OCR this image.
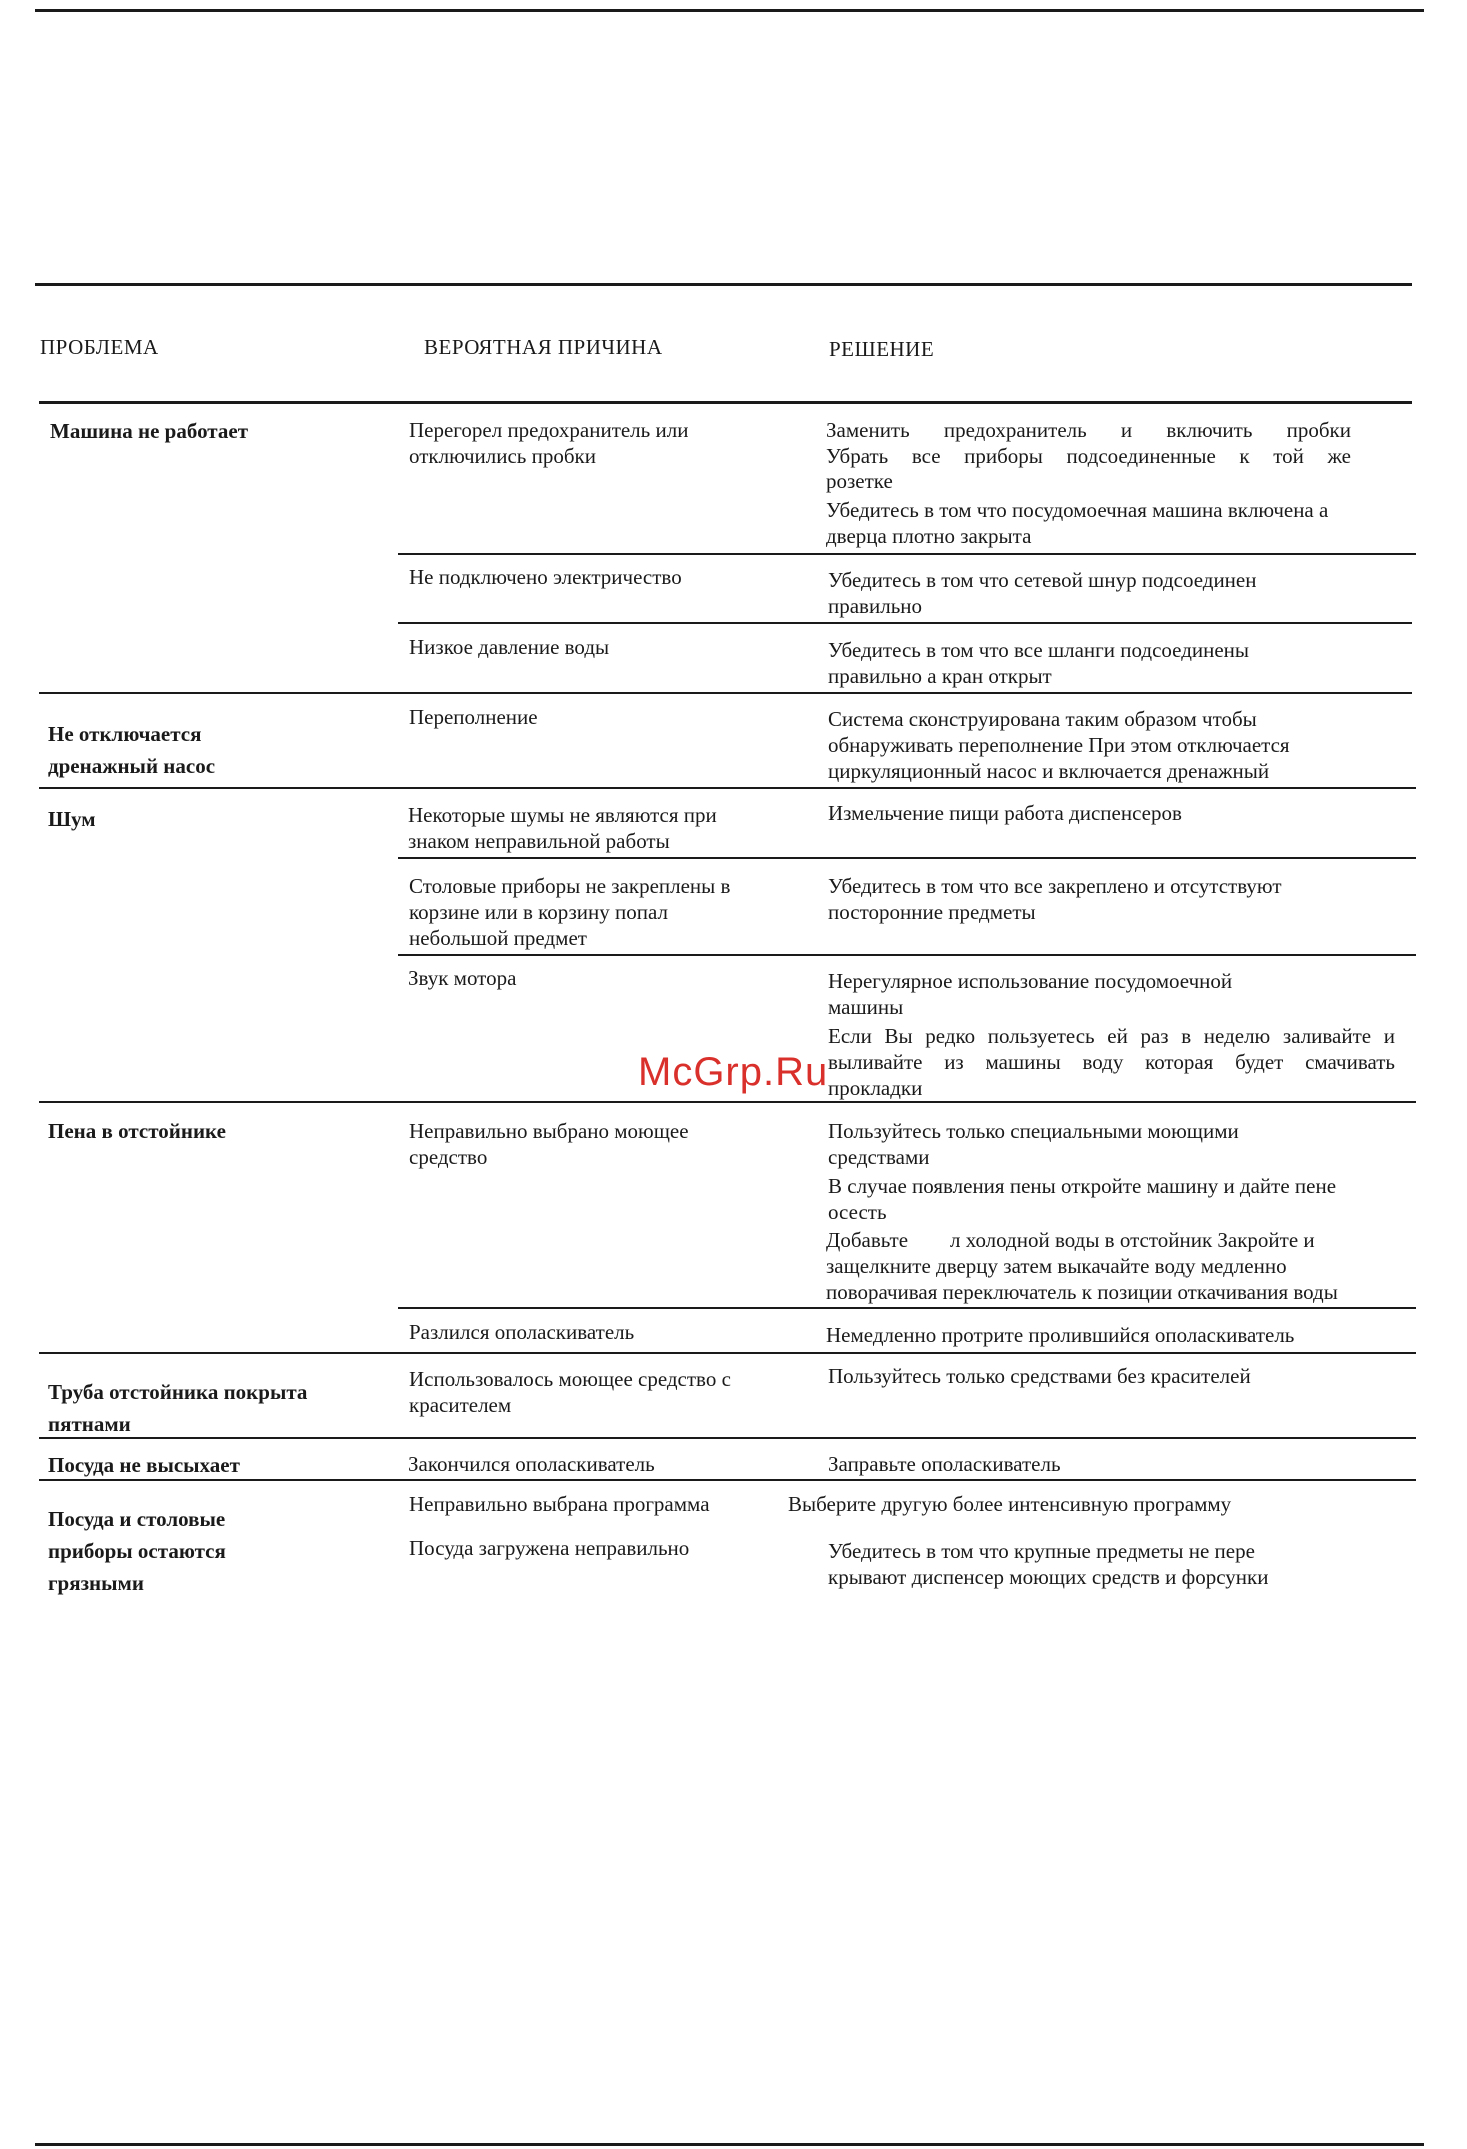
ПРОБЛЕМА	ВЕРОЯТНАЯ ПРИЧИНА	РЕШЕНИЕ
Машина не работает
Не отключается
дренажный насос
Шум
Пена в отстойнике
Труба отстойника покрыта
пятнами
Посуда не высыхает
Посуда и столовые
приборы остаются
грязными
Перегорел предохранитель или
отключились пробки
Не подключено электричество
Низкое давление воды
Переполнение
Некоторые шумы не являются при
знаком неправильной работы
Столовые приборы не закреплены в
корзине или в корзину попал
небольшой предмет
Звук мотора
Неправильно выбрано моющее
средство
Разлился ополаскиватель
Использовалось моющее средство с
красителем
Закончился ополаскиватель
Неправильно выбрана программа
Посуда загружена неправильно
Заменить предохранитель и включить пробки
Убрать все приборы подсоединенные к той же
розетке
Убедитесь в том что посудомоечная машина включена а
дверца плотно закрыта
Убедитесь в том что сетевой шнур подсоединен
правильно
Убедитесь в том что все шланги подсоединены
правильно а кран открыт
Система сконструирована таким образом чтобы
обнаруживать переполнение При этом отключается
циркуляционный насос и включается дренажный
Измельчение пищи работа диспенсеров
Убедитесь в том что все закреплено и отсутствуют
посторонние предметы
Нерегулярное использование посудомоечной
машины
Если Вы редко пользуетесь ей раз в неделю заливайте и
выливайте из машины воду которая будет смачивать
прокладки
Пользуйтесь только специальными моющими
средствами
В случае появления пены откройте машину и дайте пене
осесть
Добавьте л холодной воды в отстойник Закройте и
защелкните дверцу затем выкачайте воду медленно
поворачивая переключатель к позиции откачивания воды
Немедленно протрите пролившийся ополаскиватель
Пользуйтесь только средствами без красителей
Заправьте ополаскиватель
Выберите другую более интенсивную программу
Убедитесь в том что крупные предметы не пере
крывают диспенсер моющих средств и форсунки
McGrp.Ru
